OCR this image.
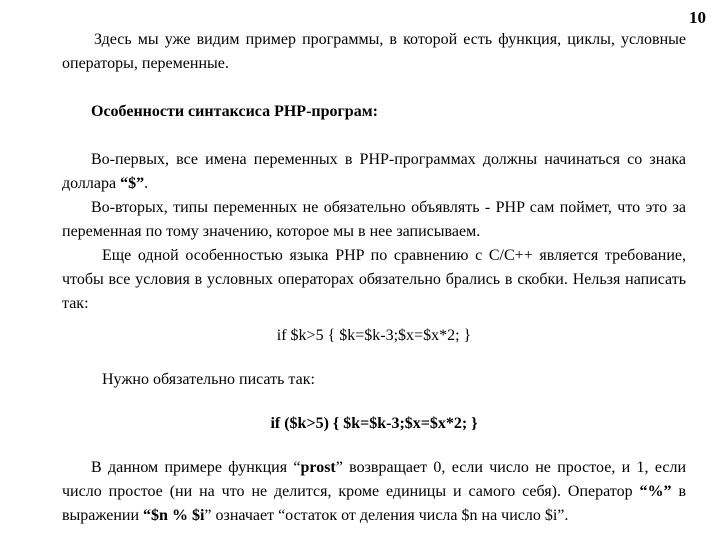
10

Здесь мы уже видим пример программы, в которой есть функция, циклы, условные операторы, переменные.

Особенности синтаксиса PHP-програм:

Во-первых, все имена переменных в PHP-программах должны начинаться со знака доллара “$”.

Во-вторых, типы переменных не обязательно объявлять - PHP сам поймет, что это за переменная по тому значению, которое мы в нее записываем.

Еще одной особенностью языка PHP по сравнению с C/C++ является требование, чтобы все условия в условных операторах обязательно брались в скобки. Нельзя написать так:

if $k>5 { $k=$k-3;$x=$x*2; }

Нужно обязательно писать так:

if ($k>5) { $k=$k-3;$x=$x*2; }

В данном примере функция “prost” возвращает 0, если число не простое, и 1, если число простое (ни на что не делится, кроме единицы и самого себя). Оператор “%” в выражении “$n % $i” означает “остаток от деления числа $n на число $i”.
